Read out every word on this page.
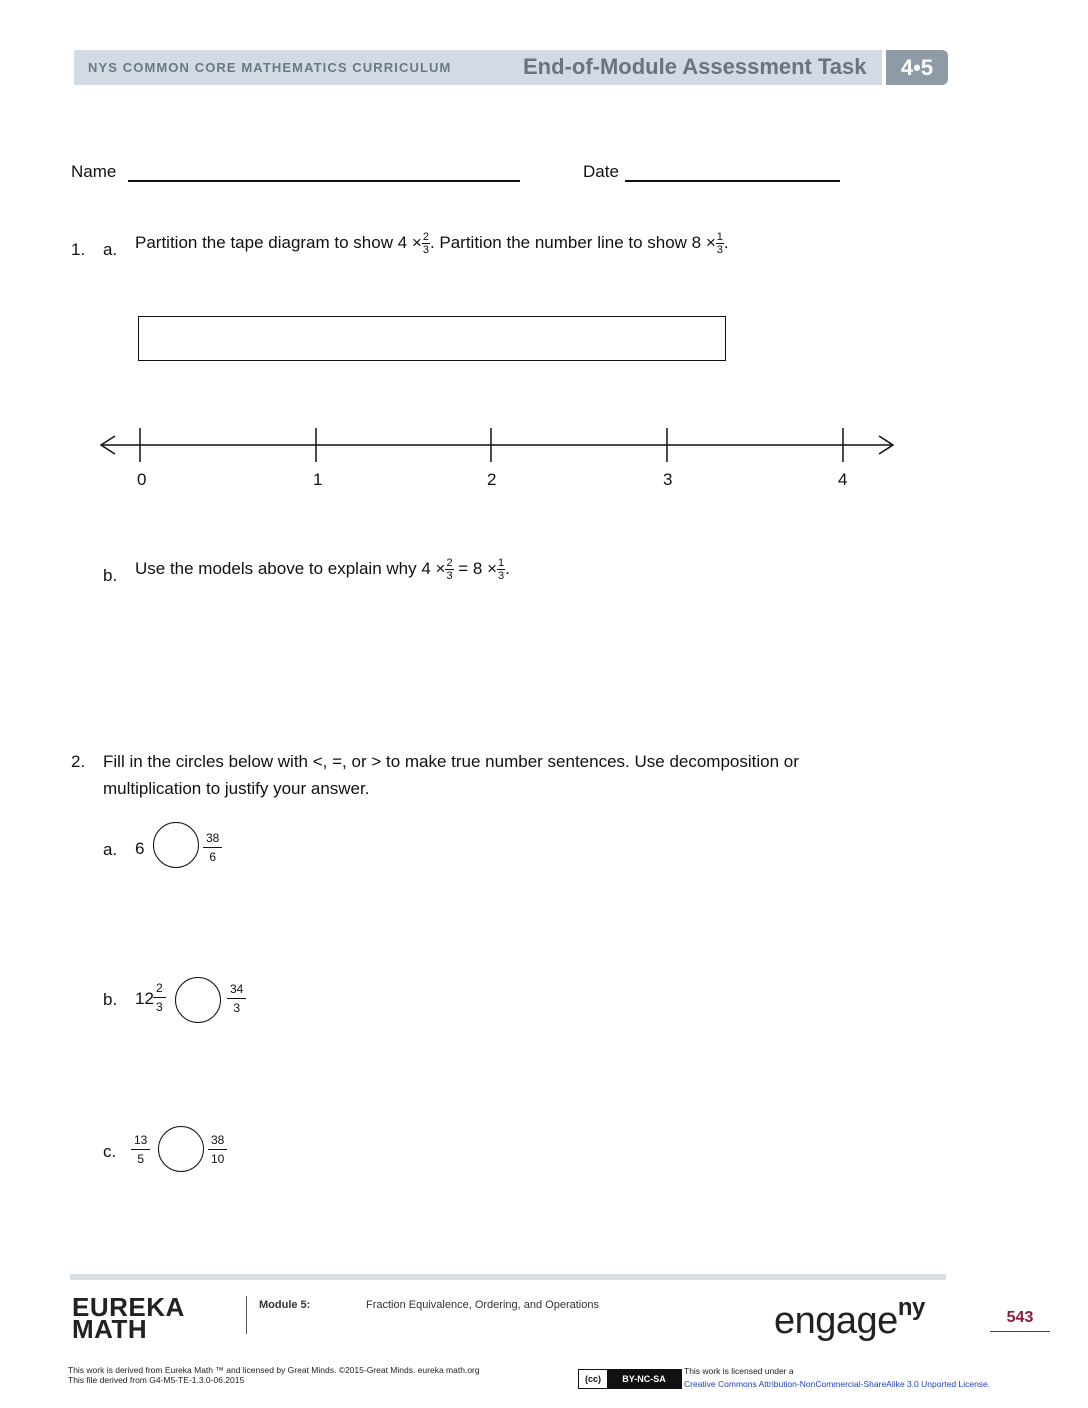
NYS COMMON CORE MATHEMATICS CURRICULUM	End-of-Module Assessment Task	4•5
Name	Date
1. a. Partition the tape diagram to show $4 \times \frac{2}{3}$ . Partition the number line to show $8 \times \frac{1}{3}$ .
0	1	2	3	4
b. Use the models above to explain why $4 \times \frac{2}{3} = 8 \times \frac{1}{3}$ .
2. Fill in the circles below with <, =, or > to make true number sentences. Use decomposition or
multiplication to justify your answer.
a. 6	$\frac{38}{6}$
b. $12 \frac{2}{3}$	$\frac{34}{3}$
c. $\frac{13}{5}$	$\frac{38}{10}$
EUREKA
MATH
Module 5:	Fraction Equivalence, Ordering, and Operations	engage$^{ny}$	543
This work is derived from Eureka Math ™ and licensed by Great Minds. ©2015-Great Minds. eureka math.org
This file derived from G4-M5-TE-1.3.0-06.2015	(cc)	BY-NC-SA
This work is licensed under a
Creative Commons Attribution-NonCommercial-ShareAlike 3.0 Unported License.
